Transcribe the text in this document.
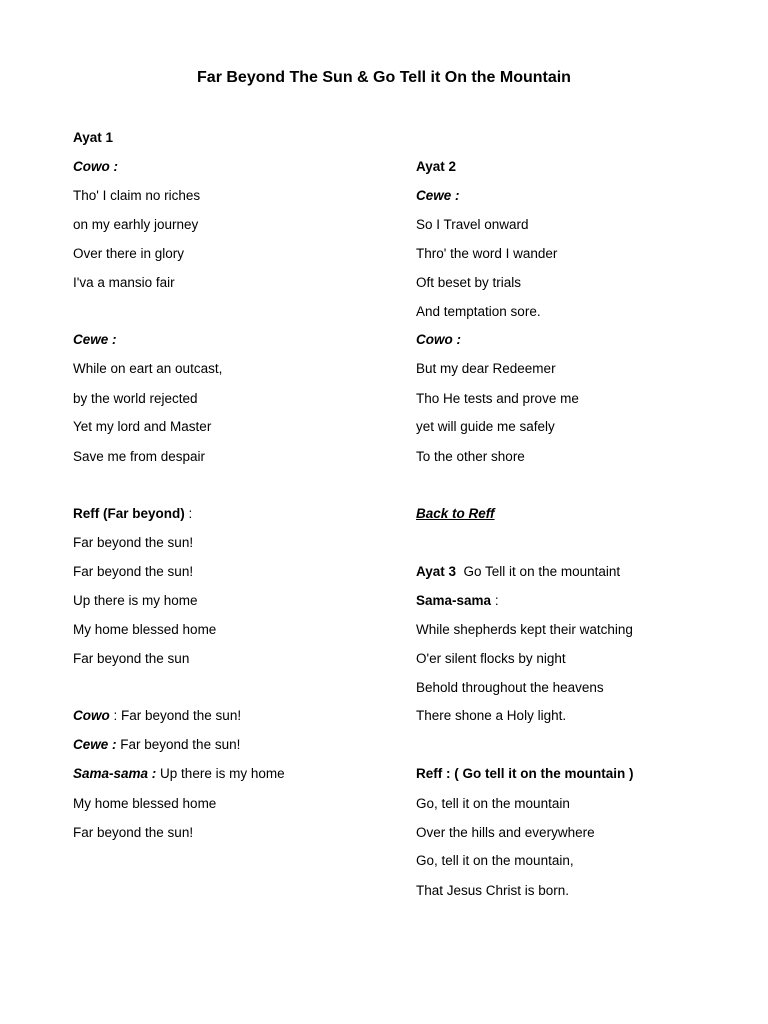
Far Beyond The Sun & Go Tell it On the Mountain
Ayat 1
Cowo :
Tho' I claim no riches
on my earhly journey
Over there in glory
I'va a mansio fair
Cewe :
While on eart an outcast,
by the world rejected
Yet my lord and Master
Save me from despair
Reff (Far beyond) :
Far beyond the sun!
Far beyond the sun!
Up there is my home
My home blessed home
Far beyond the sun
Cowo : Far beyond the sun!
Cewe : Far beyond the sun!
Sama-sama : Up there is my home
My home blessed home
Far beyond the sun!
Ayat 2
Cewe :
So I Travel onward
Thro' the word I wander
Oft beset by trials
And temptation sore.
Cowo :
But my dear Redeemer
Tho He tests and prove me
yet will guide me safely
To the other shore
Back to Reff
Ayat 3  Go Tell it on the mountaint
Sama-sama :
While shepherds kept their watching
O'er silent flocks by night
Behold throughout the heavens
There shone a Holy light.
Reff : ( Go tell it on the mountain )
Go, tell it on the mountain
Over the hills and everywhere
Go, tell it on the mountain,
That Jesus Christ is born.
